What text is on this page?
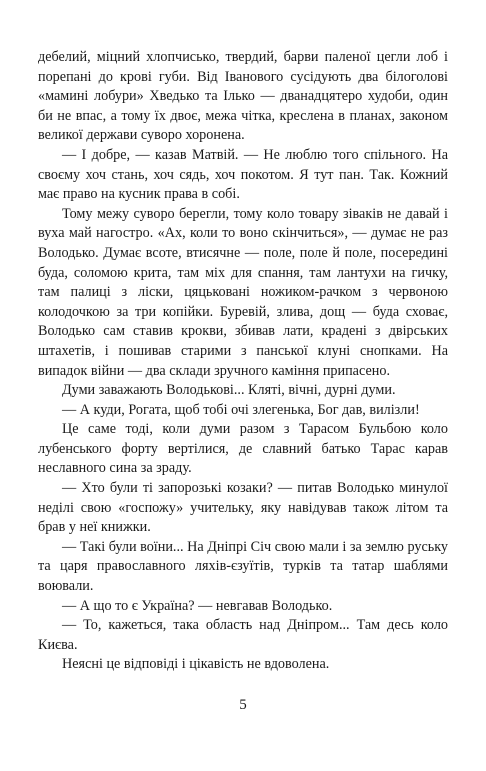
дебелий, міцний хлопчисько, твердий, барви паленої цегли лоб і порепані до крові губи. Від Іванового сусідують два білоголові «мамині лобури» Хведько та Ілько — дванадцятеро худоби, один би не впас, а тому їх двоє, межа чітка, креслена в планах, законом великої держави суворо хоронена.

— І добре, — казав Матвій. — Не люблю того спільного. На своєму хоч стань, хоч сядь, хоч покотом. Я тут пан. Так. Кожний має право на кусник права в собі.

Тому межу суворо берегли, тому коло товару зіваків не давай і вуха май нагостро. «Ах, коли то воно скінчиться», — думає не раз Володько. Думає всоте, втисячне — поле, поле й поле, посередині буда, соломою крита, там міх для спання, там лантухи на гичку, там палиці з ліски, цяцьковані ножиком-рачком з червоною колодочкою за три копійки. Буревій, злива, дощ — буда сховає, Володько сам ставив крокви, збивав лати, крадені з двірських штахетів, і пошивав старими з панської клуні снопками. На випадок війни — два склади зручного каміння припасено.

Думи заважають Володькові... Кляті, вічні, дурні думи.

— А куди, Рогата, щоб тобі очі злегенька, Бог дав, вилізли!

Це саме тоді, коли думи разом з Тарасом Бульбою коло лубенського форту вертілися, де славний батько Тарас карав неславного сина за зраду.

— Хто були ті запорозькі козаки? — питав Володько минулої неділі свою «госпожу» учительку, яку навідував також літом та брав у неї книжки.

— Такі були воїни... На Дніпрі Січ свою мали і за землю руську та царя православного ляхів-єзуїтів, турків та татар шаблями воювали.

— А що то є Україна? — невгавав Володько.

— То, кажеться, така область над Дніпром... Там десь коло Києва.

Неясні це відповіді і цікавість не вдоволена.

5
